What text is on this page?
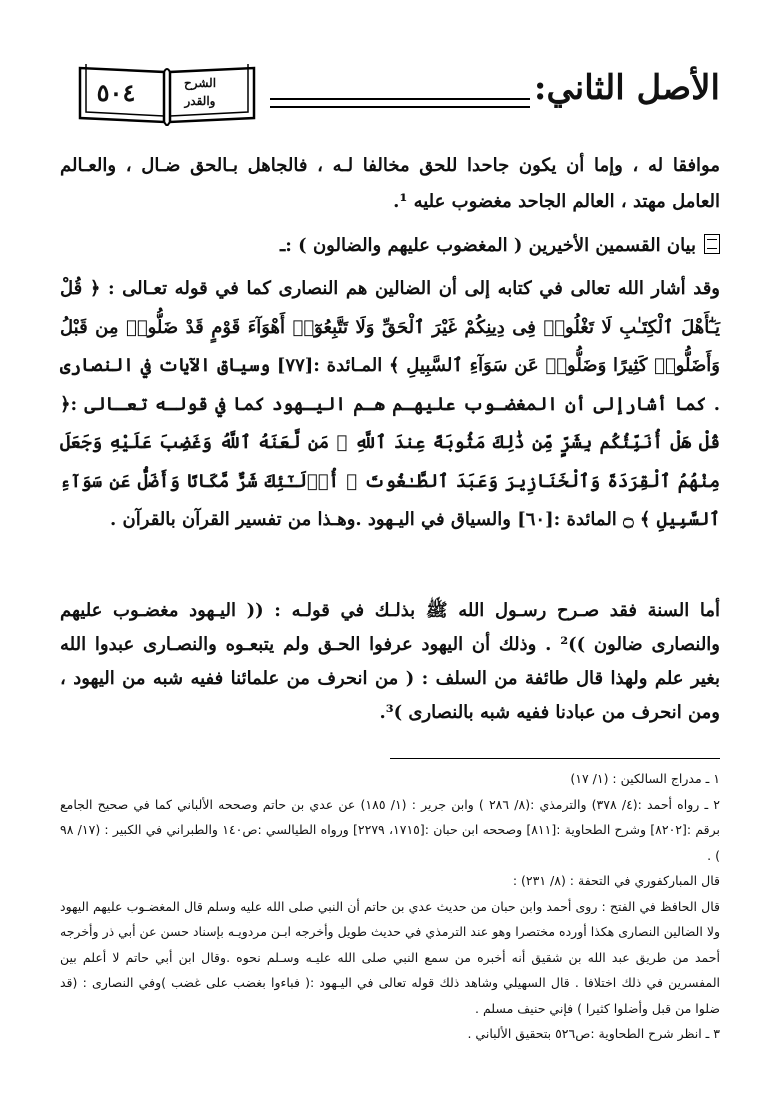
٥٠٤	الشرح
والقدر	الأصل الثاني:
موافقا له ، وإما أن يكون جاحدا للحق مخالفا لـه ، فالجاهل بـالحق ضـال ، والعـالم العامل مهتد ، العالم الجاحد مغضوب عليه ¹.
بيان القسمين الأخيرين ( المغضوب عليهم والضالون ) :ـ
وقد أشار الله تعالى في كتابه إلى أن الضالين هم النصارى كما في قوله تعـالى : ﴿ قُلْ يَـٰٓأَهْلَ ٱلْكِتَـٰبِ لَا تَغْلُوا۟ فِى دِينِكُمْ غَيْرَ ٱلْحَقِّ وَلَا تَتَّبِعُوٓا۟ أَهْوَآءَ قَوْمٍ قَدْ ضَلُّوا۟ مِن قَبْلُ وَأَضَلُّوا۟ كَثِيرًا وَضَلُّوا۟ عَن سَوَآءِ ٱلسَّبِيلِ ﴾ المـائدة :[٧٧] وسياق الآيات في النصارى . كما أشارإلى أن المغضـوب عليهـم هـم اليـهود كما في قولـه تعـالى :﴿ قُلْ هَلْ أُنَبِّئُكُم بِشَرٍّ مِّن ذَٰلِكَ مَثُوبَةً عِندَ ٱللَّهِ ۚ مَن لَّعَنَهُ ٱللَّهُ وَغَضِبَ عَلَيْهِ وَجَعَلَ مِنْهُمُ ٱلْقِرَدَةَ وَٱلْخَنَازِيرَ وَعَبَدَ ٱلطَّـٰغُوتَ ۚ أُو۟لَـٰٓئِكَ شَرٌّ مَّكَانًا وَأَضَلُّ عَن سَوَآءِ ٱلسَّبِيلِ ﴾ ۝ المائدة :[٦٠] والسياق في اليـهود .وهـذا من تفسير القرآن بالقرآن .
أما السنة فقد صـرح رسـول الله ﷺ بذلـك في قولـه : (( اليـهود مغضـوب عليهم والنصارى ضالون ))² . وذلك أن اليهود عرفوا الحـق ولم يتبعـوه والنصـارى عبدوا الله بغير علم ولهذا قال طائفة من السلف : ( من انحرف من علمائنا ففيه شبه من اليهود ، ومن انحرف من عبادنا ففيه شبه بالنصارى )³.

١ ـ مدراج السالكين : (١/ ١٧)

٢ ـ رواه أحمد :(٤/ ٣٧٨) والترمذي :(٨/ ٢٨٦ ) وابن جرير : (١/ ١٨٥) عن عدي بن حاتم وصححه الألباني كما في صحيح الجامع برقم :[٨٢٠٢] وشرح الطحاوية :[٨١١] وصححه ابن حبان :[١٧١٥، ٢٢٧٩] ورواه الطيالسي :ص١٤٠ والطبراني في الكبير : (١٧/ ٩٨ ) .

قال المباركفوري في التحفة : (٨/ ٢٣١) :

قال الحافظ في الفتح : روى أحمد وابن حبان من حديث عدي بن حاتم أن النبي صلى الله عليه وسلم قال المغضـوب عليهم اليهود ولا الضالين النصارى هكذا أورده مختصرا وهو عند الترمذي في حديث طويل وأخرجه ابـن مردويـه بإسناد حسن عن أبي ذر وأخرجه أحمد من طريق عبد الله بن شقيق أنه أخبره من سمع النبي صلى الله عليـه وسـلم نحوه .وقال ابن أبي حاتم لا أعلم بين المفسرين في ذلك اختلافا . قال السهيلي وشاهد ذلك قوله تعالى في اليـهود :( فباءوا بغضب على غضب )وفي النصارى : (قد ضلوا من قبل وأضلوا كثيرا ) فإني حنيف مسلم .

٣ ـ انظر شرح الطحاوية :ص٥٢٦ بتحقيق الألباني .
